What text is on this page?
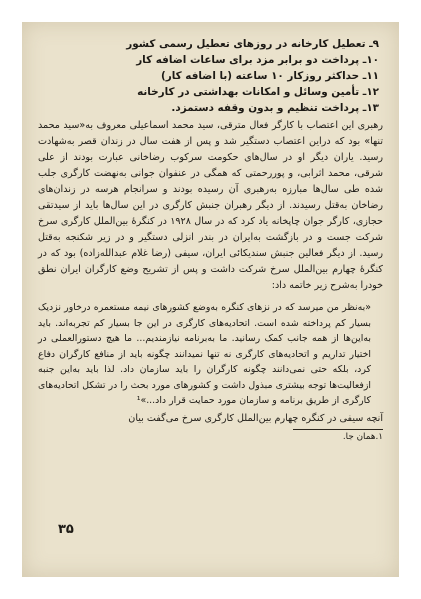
۹ـ تعطیل کارخانه در روزهای تعطیل رسمی کشور
۱۰ـ پرداخت دو برابر مزد برای ساعات اضافه کار
۱۱ـ حداکثر روزکار ۱۰ ساعته (با اضافه کار)
۱۲ـ تأمین وسائل و امکانات بهداشتی در کارخانه
۱۳ـ پرداخت تنظیم و بدون وقفه دستمزد.
رهبری این اعتصاب با کارگر فعال مترقی، سید محمد اسماعیلی معروف به«سید محمد تنها» بود که دراین اعتصاب دستگیر شد و پس از هفت سال در زندان قصر به‌شهادت رسید. یاران دیگر او در سال‌های حکومت سرکوب رضاخانی عبارت بودند از علی شرقی، محمد اثرابی، و پوررحمتی که همگی در عنفوان جوانی به‌نهضت کارگری جلب شده طی سال‌ها مبارزه به‌رهبری آن رسیده بودند و سرانجام هرسه در زندان‌های رضاخان به‌قتل رسیدند. از دیگر رهبران جنبش کارگری در این سال‌ها باید از سیدتقی حجازی، کارگر جوان چاپخانه یاد کرد که در سال ۱۹۲۸ در کنگرهٔ بین‌الملل کارگری سرخ شرکت جست و در بازگشت به‌ایران در بندر انزلی دستگیر و در زیر شکنجه به‌قتل رسید. از دیگر فعالین جنبش سندیکائی ایران، سیفی (رضا غلام عبدالله‌زاده) بود که در کنگرهٔ چهارم بین‌الملل سرخ شرکت داشت و پس از تشریح وضع کارگران ایران نطق خودرا به‌شرح زیر خاتمه داد:
«به‌نظر من میرسد که در نزهای کنگره به‌وضع کشورهای نیمه مستعمره درخاور نزدیک بسیار کم پرداخته شده است. اتحادیه‌های کارگری در این جا بسیار کم تجربه‌اند. باید به‌این‌ها از همه جانب کمک رسانید. ما به‌برنامه نیازمندیم... ما هیچ دستورالعملی در اختیار تداریم و اتحادیه‌های کارگری نه تنها نمیدانند چگونه باید از منافع کارگران دفاع کرد، بلکه حتی نمی‌دانند چگونه کارگران را باید سازمان داد. لذا باید به‌این جنبه ازفعالیت‌ها توجه بیشتری مبذول داشت و کشورهای مورد بحث را در تشکل اتحادیه‌های کارگری از طریق برنامه و سازمان مورد حمایت قرار داد...»¹
آنچه سیفی در کنگره چهارم بین‌الملل کارگری سرخ می‌گفت بیان
۱.همان جا.
۳۵
